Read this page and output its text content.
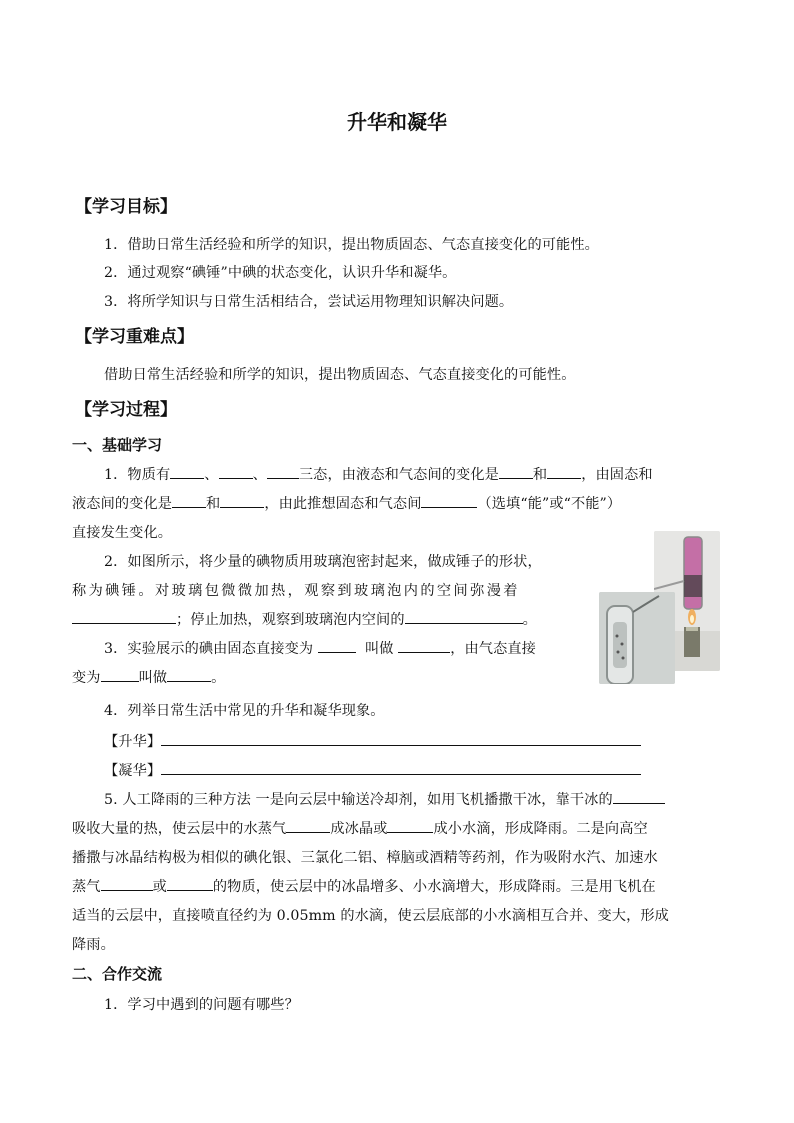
升华和凝华
【学习目标】
1．借助日常生活经验和所学的知识，提出物质固态、气态直接变化的可能性。
2．通过观察“碘锤”中碘的状态变化，认识升华和凝华。
3．将所学知识与日常生活相结合，尝试运用物理知识解决问题。
【学习重难点】
借助日常生活经验和所学的知识，提出物质固态、气态直接变化的可能性。
【学习过程】
一、基础学习
1．物质有 、 、 三态，由液态和气态间的变化是 和 ，由固态和
液态间的变化是 和	，由此推想固态和气态间	（选填“能”或“不能”）
直接发生变化。
2．如图所示，将少量的碘物质用玻璃泡密封起来，做成锤子的形状，
称为碘锤。对玻璃包微微加热，观察到玻璃泡内的空间弥漫着
；停止加热，观察到玻璃泡内空间的	。
3．实验展示的碘由固态直接变为	叫做	，由气态直接
变为	叫做	。
4．列举日常生活中常见的升华和凝华现象。
【升华】
【凝华】
5. 人工降雨的三种方法 一是向云层中输送冷却剂，如用飞机播撒干冰，靠干冰的
吸收大量的热，使云层中的水蒸气	成冰晶或	成小水滴，形成降雨。二是向高空
播撒与冰晶结构极为相似的碘化银、三氯化二铝、樟脑或酒精等药剂，作为吸附水汽、加速水
蒸气	或	的物质，使云层中的冰晶增多、小水滴增大，形成降雨。三是用飞机在
适当的云层中，直接喷直径约为 0.05mm 的水滴，使云层底部的小水滴相互合并、变大，形成
降雨。
二、合作交流
1．学习中遇到的问题有哪些？
